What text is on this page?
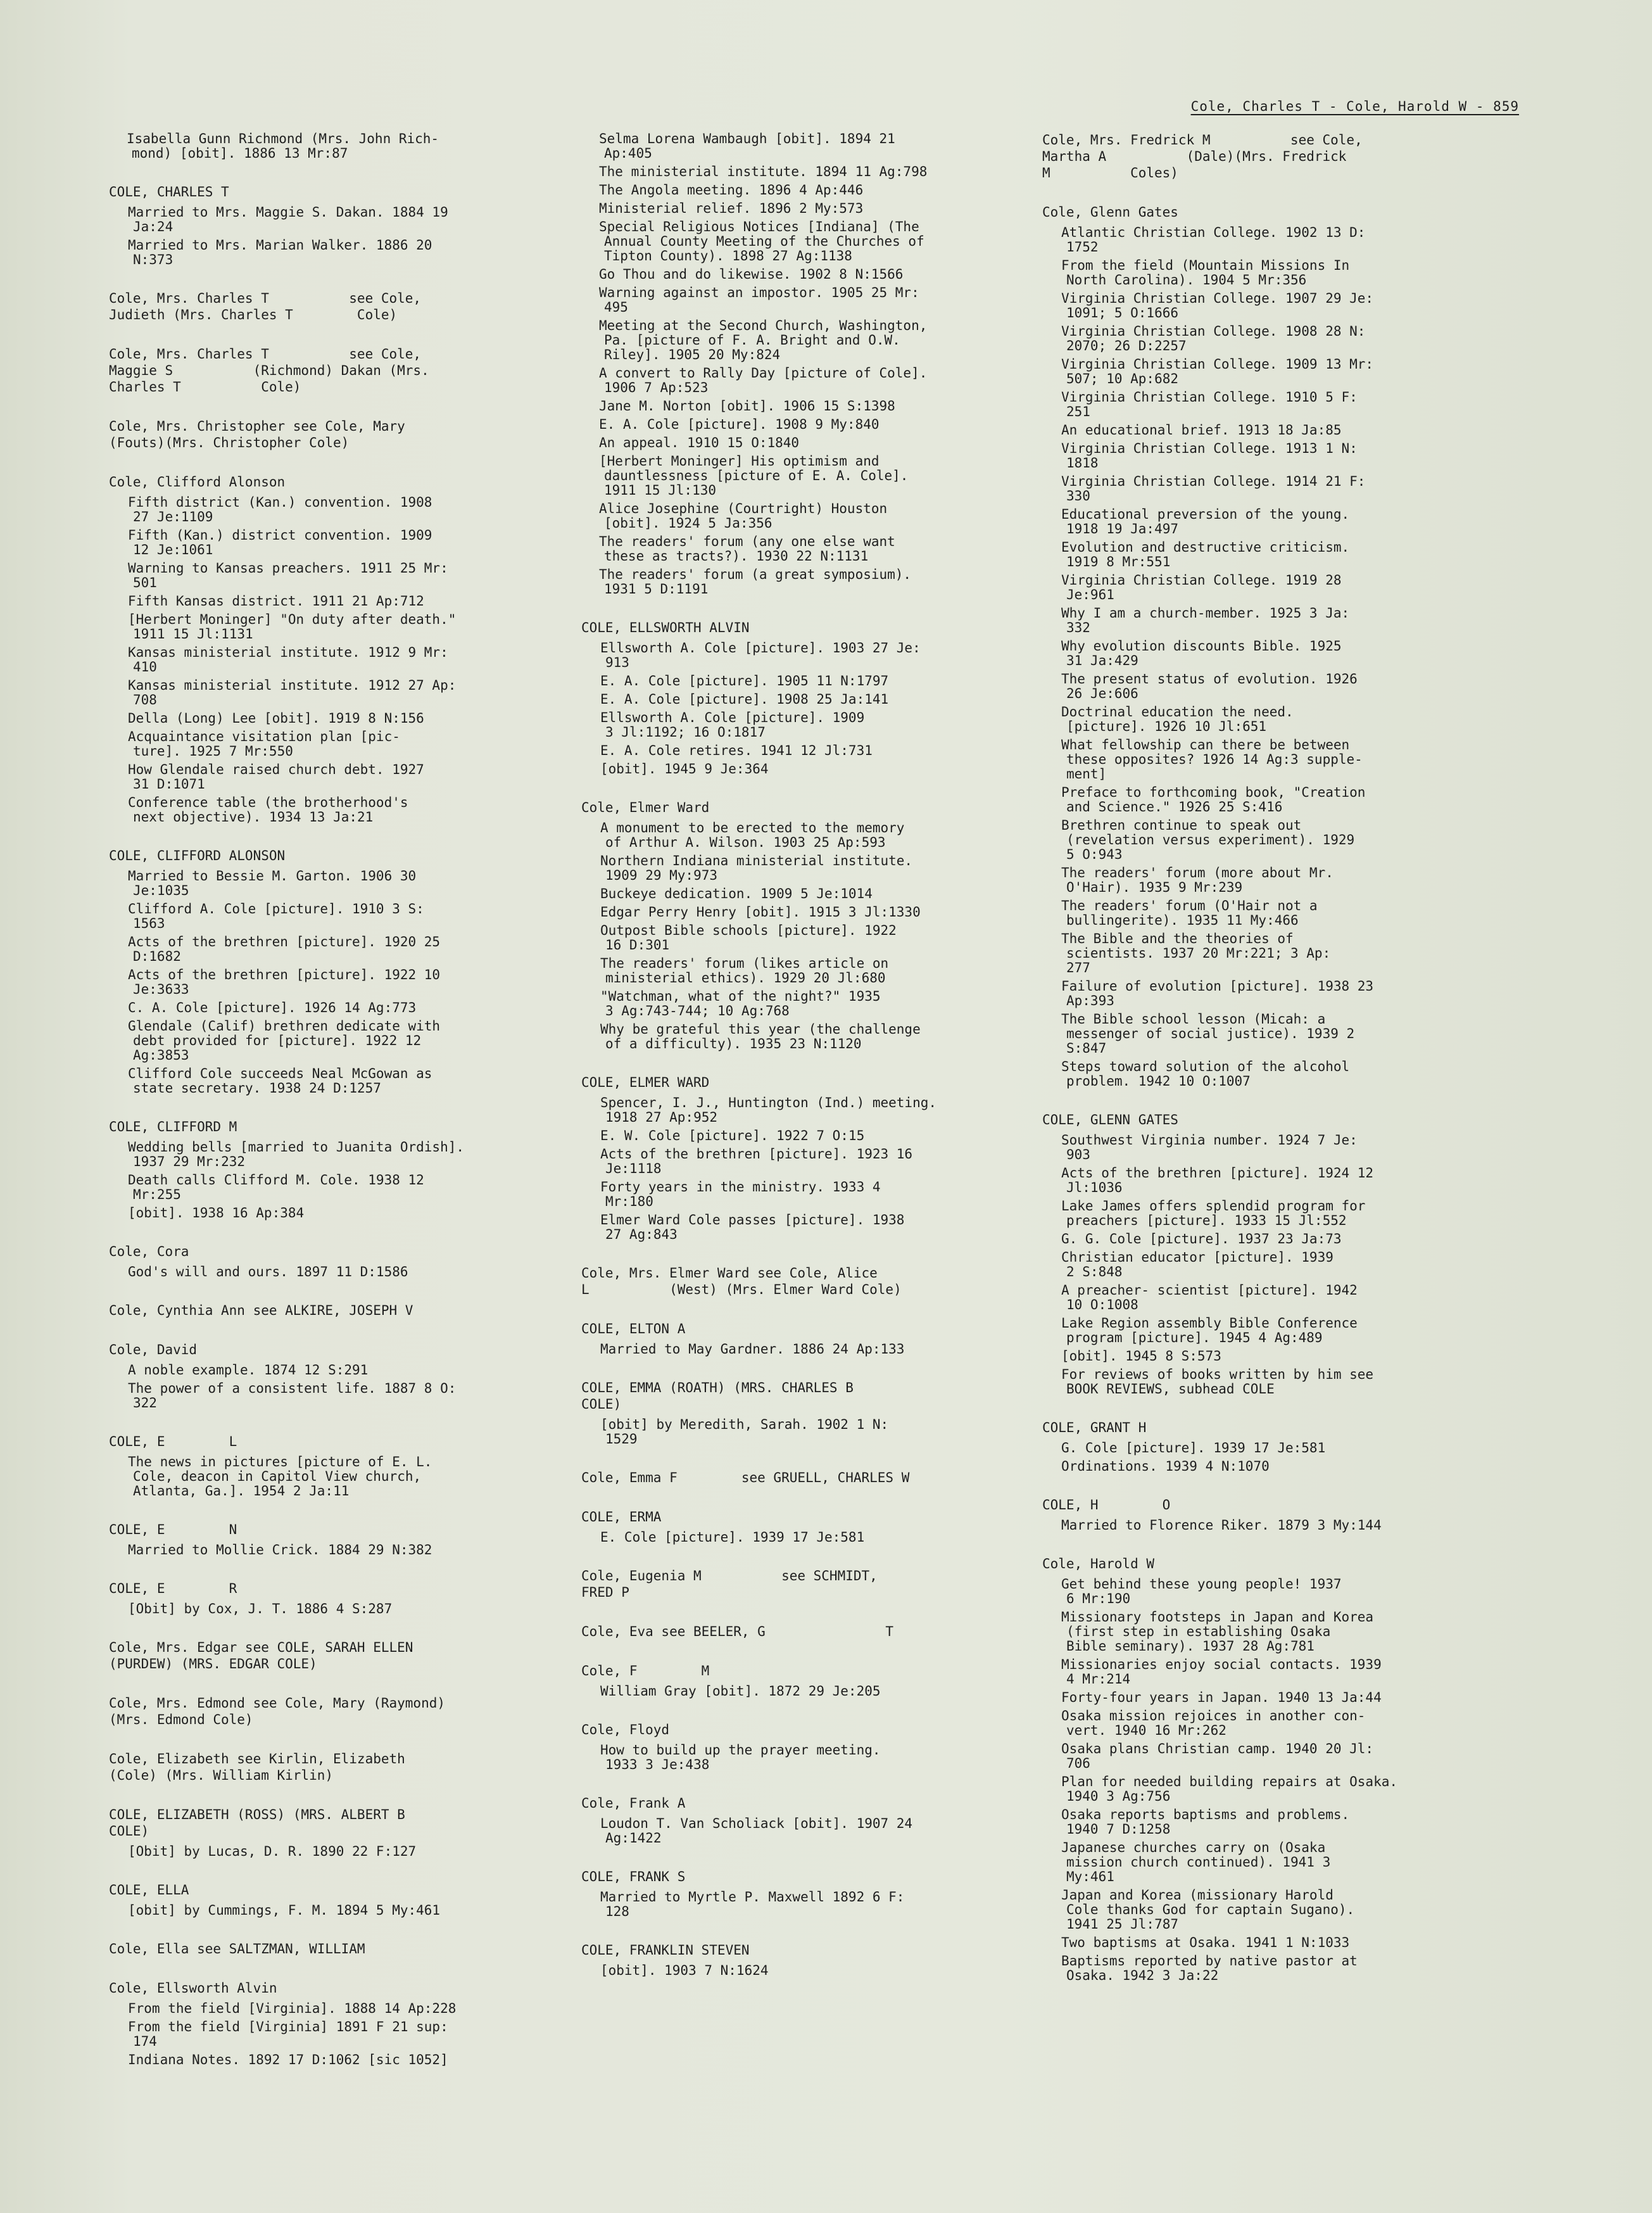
Cole, Charles T - Cole, Harold W - 859
Isabella Gunn Richmond (Mrs. John Rich-
mond) [obit]. 1886 13 Mr:87
COLE, CHARLES T
Married to Mrs. Maggie S. Dakan. 1884 19
Ja:24
Married to Mrs. Marian Walker. 1886 20
N:373
Cole, Mrs. Charles T          see Cole,
Judieth (Mrs. Charles T        Cole)
Cole, Mrs. Charles T          see Cole,
Maggie S          (Richmond) Dakan (Mrs.
Charles T          Cole)
Cole, Mrs. Christopher see Cole, Mary
(Fouts)(Mrs. Christopher Cole)
Cole, Clifford Alonson
Fifth district (Kan.) convention. 1908
27 Je:1109
Fifth (Kan.) district convention. 1909
12 Je:1061
Warning to Kansas preachers. 1911 25 Mr:
501
Fifth Kansas district. 1911 21 Ap:712
[Herbert Moninger] "On duty after death."
1911 15 Jl:1131
Kansas ministerial institute. 1912 9 Mr:
410
Kansas ministerial institute. 1912 27 Ap:
708
Della (Long) Lee [obit]. 1919 8 N:156
Acquaintance visitation plan [pic-
ture]. 1925 7 Mr:550
How Glendale raised church debt. 1927
31 D:1071
Conference table (the brotherhood's
next objective). 1934 13 Ja:21
COLE, CLIFFORD ALONSON
Married to Bessie M. Garton. 1906 30
Je:1035
Clifford A. Cole [picture]. 1910 3 S:
1563
Acts of the brethren [picture]. 1920 25
D:1682
Acts of the brethren [picture]. 1922 10
Je:3633
C. A. Cole [picture]. 1926 14 Ag:773
Glendale (Calif) brethren dedicate with
debt provided for [picture]. 1922 12
Ag:3853
Clifford Cole succeeds Neal McGowan as
state secretary. 1938 24 D:1257
COLE, CLIFFORD M
Wedding bells [married to Juanita Ordish].
1937 29 Mr:232
Death calls Clifford M. Cole. 1938 12
Mr:255
[obit]. 1938 16 Ap:384
Cole, Cora
God's will and ours. 1897 11 D:1586
Cole, Cynthia Ann see ALKIRE, JOSEPH V
Cole, David
A noble example. 1874 12 S:291
The power of a consistent life. 1887 8 O:
322
COLE, E        L
The news in pictures [picture of E. L.
Cole, deacon in Capitol View church,
Atlanta, Ga.]. 1954 2 Ja:11
COLE, E        N
Married to Mollie Crick. 1884 29 N:382
COLE, E        R
[Obit] by Cox, J. T. 1886 4 S:287
Cole, Mrs. Edgar see COLE, SARAH ELLEN
(PURDEW) (MRS. EDGAR COLE)
Cole, Mrs. Edmond see Cole, Mary (Raymond)
(Mrs. Edmond Cole)
Cole, Elizabeth see Kirlin, Elizabeth
(Cole) (Mrs. William Kirlin)
COLE, ELIZABETH (ROSS) (MRS. ALBERT B
COLE)
[Obit] by Lucas, D. R. 1890 22 F:127
COLE, ELLA
[obit] by Cummings, F. M. 1894 5 My:461
Cole, Ella see SALTZMAN, WILLIAM
Cole, Ellsworth Alvin
From the field [Virginia]. 1888 14 Ap:228
From the field [Virginia] 1891 F 21 sup:
174
Indiana Notes. 1892 17 D:1062 [sic 1052]
Selma Lorena Wambaugh [obit]. 1894 21
Ap:405
The ministerial institute. 1894 11 Ag:798
The Angola meeting. 1896 4 Ap:446
Ministerial relief. 1896 2 My:573
Special Religious Notices [Indiana] (The
Annual County Meeting of the Churches of
Tipton County). 1898 27 Ag:1138
Go Thou and do likewise. 1902 8 N:1566
Warning against an impostor. 1905 25 Mr:
495
Meeting at the Second Church, Washington,
Pa. [picture of F. A. Bright and O.W.
Riley]. 1905 20 My:824
A convert to Rally Day [picture of Cole].
1906 7 Ap:523
Jane M. Norton [obit]. 1906 15 S:1398
E. A. Cole [picture]. 1908 9 My:840
An appeal. 1910 15 O:1840
[Herbert Moninger] His optimism and
dauntlessness [picture of E. A. Cole].
1911 15 Jl:130
Alice Josephine (Courtright) Houston
[obit]. 1924 5 Ja:356
The readers' forum (any one else want
these as tracts?). 1930 22 N:1131
The readers' forum (a great symposium).
1931 5 D:1191
COLE, ELLSWORTH ALVIN
Ellsworth A. Cole [picture]. 1903 27 Je:
913
E. A. Cole [picture]. 1905 11 N:1797
E. A. Cole [picture]. 1908 25 Ja:141
Ellsworth A. Cole [picture]. 1909
3 Jl:1192; 16 O:1817
E. A. Cole retires. 1941 12 Jl:731
[obit]. 1945 9 Je:364
Cole, Elmer Ward
A monument to be erected to the memory
of Arthur A. Wilson. 1903 25 Ap:593
Northern Indiana ministerial institute.
1909 29 My:973
Buckeye dedication. 1909 5 Je:1014
Edgar Perry Henry [obit]. 1915 3 Jl:1330
Outpost Bible schools [picture]. 1922
16 D:301
The readers' forum (likes article on
ministerial ethics). 1929 20 Jl:680
"Watchman, what of the night?" 1935
3 Ag:743-744; 10 Ag:768
Why be grateful this year (the challenge
of a difficulty). 1935 23 N:1120
COLE, ELMER WARD
Spencer, I. J., Huntington (Ind.) meeting.
1918 27 Ap:952
E. W. Cole [picture]. 1922 7 O:15
Acts of the brethren [picture]. 1923 16
Je:1118
Forty years in the ministry. 1933 4
Mr:180
Elmer Ward Cole passes [picture]. 1938
27 Ag:843
Cole, Mrs. Elmer Ward see Cole, Alice
L          (West) (Mrs. Elmer Ward Cole)
COLE, ELTON A
Married to May Gardner. 1886 24 Ap:133
COLE, EMMA (ROATH) (MRS. CHARLES B
COLE)
[obit] by Meredith, Sarah. 1902 1 N:
1529
Cole, Emma F        see GRUELL, CHARLES W
COLE, ERMA
E. Cole [picture]. 1939 17 Je:581
Cole, Eugenia M          see SCHMIDT,
FRED P
Cole, Eva see BEELER, G               T
Cole, F        M
William Gray [obit]. 1872 29 Je:205
Cole, Floyd
How to build up the prayer meeting.
1933 3 Je:438
Cole, Frank A
Loudon T. Van Scholiack [obit]. 1907 24
Ag:1422
COLE, FRANK S
Married to Myrtle P. Maxwell 1892 6 F:
128
COLE, FRANKLIN STEVEN
[obit]. 1903 7 N:1624
Cole, Mrs. Fredrick M          see Cole,
Martha A          (Dale)(Mrs. Fredrick
M          Coles)
Cole, Glenn Gates
Atlantic Christian College. 1902 13 D:
1752
From the field (Mountain Missions In
North Carolina). 1904 5 Mr:356
Virginia Christian College. 1907 29 Je:
1091; 5 O:1666
Virginia Christian College. 1908 28 N:
2070; 26 D:2257
Virginia Christian College. 1909 13 Mr:
507; 10 Ap:682
Virginia Christian College. 1910 5 F:
251
An educational brief. 1913 18 Ja:85
Virginia Christian College. 1913 1 N:
1818
Virginia Christian College. 1914 21 F:
330
Educational preversion of the young.
1918 19 Ja:497
Evolution and destructive criticism.
1919 8 Mr:551
Virginia Christian College. 1919 28
Je:961
Why I am a church-member. 1925 3 Ja:
332
Why evolution discounts Bible. 1925
31 Ja:429
The present status of evolution. 1926
26 Je:606
Doctrinal education the need.
[picture]. 1926 10 Jl:651
What fellowship can there be between
these opposites? 1926 14 Ag:3 supple-
ment]
Preface to forthcoming book, "Creation
and Science." 1926 25 S:416
Brethren continue to speak out
(revelation versus experiment). 1929
5 O:943
The readers' forum (more about Mr.
O'Hair). 1935 9 Mr:239
The readers' forum (O'Hair not a
bullingerite). 1935 11 My:466
The Bible and the theories of
scientists. 1937 20 Mr:221; 3 Ap:
277
Failure of evolution [picture]. 1938 23
Ap:393
The Bible school lesson (Micah: a
messenger of social justice). 1939 2
S:847
Steps toward solution of the alcohol
problem. 1942 10 O:1007
COLE, GLENN GATES
Southwest Virginia number. 1924 7 Je:
903
Acts of the brethren [picture]. 1924 12
Jl:1036
Lake James offers splendid program for
preachers [picture]. 1933 15 Jl:552
G. G. Cole [picture]. 1937 23 Ja:73
Christian educator [picture]. 1939
2 S:848
A preacher- scientist [picture]. 1942
10 O:1008
Lake Region assembly Bible Conference
program [picture]. 1945 4 Ag:489
[obit]. 1945 8 S:573
For reviews of books written by him see
BOOK REVIEWS, subhead COLE
COLE, GRANT H
G. Cole [picture]. 1939 17 Je:581
Ordinations. 1939 4 N:1070
COLE, H        O
Married to Florence Riker. 1879 3 My:144
Cole, Harold W
Get behind these young people! 1937
6 Mr:190
Missionary footsteps in Japan and Korea
(first step in establishing Osaka
Bible seminary). 1937 28 Ag:781
Missionaries enjoy social contacts. 1939
4 Mr:214
Forty-four years in Japan. 1940 13 Ja:44
Osaka mission rejoices in another con-
vert. 1940 16 Mr:262
Osaka plans Christian camp. 1940 20 Jl:
706
Plan for needed building repairs at Osaka.
1940 3 Ag:756
Osaka reports baptisms and problems.
1940 7 D:1258
Japanese churches carry on (Osaka
mission church continued). 1941 3
My:461
Japan and Korea (missionary Harold
Cole thanks God for captain Sugano).
1941 25 Jl:787
Two baptisms at Osaka. 1941 1 N:1033
Baptisms reported by native pastor at
Osaka. 1942 3 Ja:22
